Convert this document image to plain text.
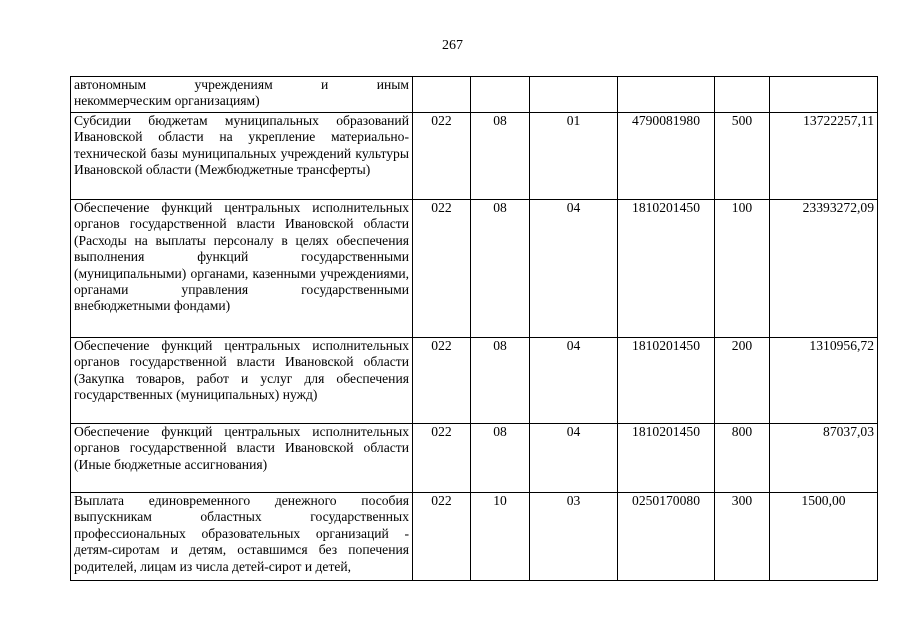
267
автономным учреждениям и иным
некоммерческим организациям)						
Субсидии бюджетам муниципальных образований Ивановской области на укрепление материально-технической базы муниципальных учреждений культуры Ивановской области (Межбюджетные трансферты)	022	08	01	4790081980	500	13722257,11
Обеспечение функций центральных исполнительных органов государственной власти Ивановской области (Расходы на выплаты персоналу в целях обеспечения выполнения функций государственными (муниципальными) органами, казенными учреждениями, органами управления государственными внебюджетными фондами)	022	08	04	1810201450	100	23393272,09
Обеспечение функций центральных исполнительных органов государственной власти Ивановской области (Закупка товаров, работ и услуг для обеспечения государственных (муниципальных) нужд)	022	08	04	1810201450	200	1310956,72
Обеспечение функций центральных исполнительных органов государственной власти Ивановской области (Иные бюджетные ассигнования)	022	08	04	1810201450	800	87037,03
Выплата единовременного денежного пособия выпускникам областных государственных профессиональных образовательных организаций - детям-сиротам и детям, оставшимся без попечения родителей, лицам из числа детей-сирот и детей,	022	10	03	0250170080	300	1500,00
